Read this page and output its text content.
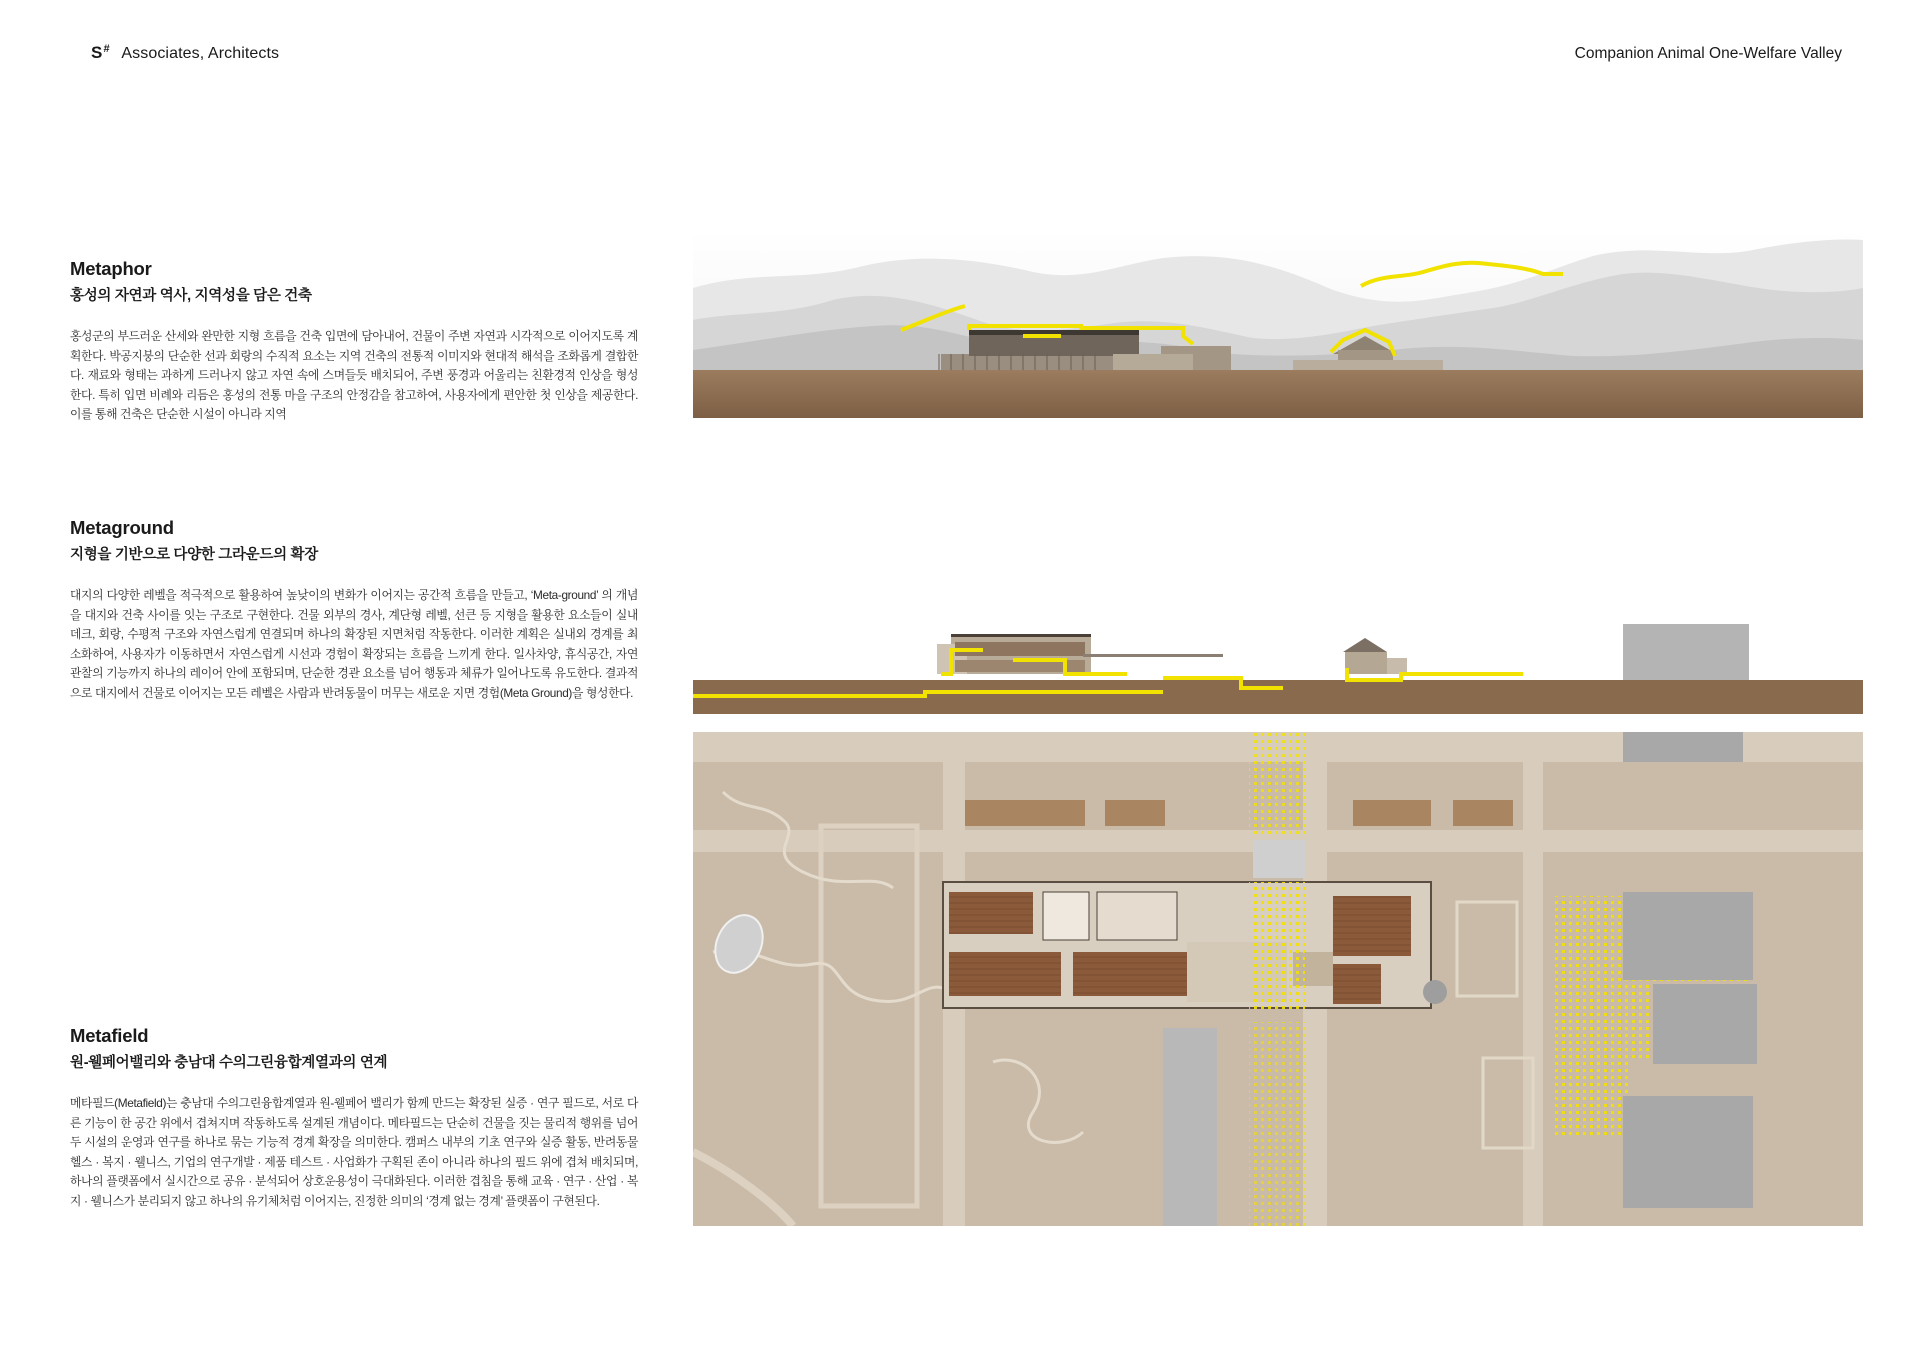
S# Associates, Architects	Companion Animal One-Welfare Valley
Metaphor
홍성의 자연과 역사, 지역성을 담은 건축

홍성군의 부드러운 산세와 완만한 지형 흐름을 건축 입면에 담아내어, 건물이 주변 자연과 시각적으로 이어지도록 계획한다. 박공지붕의 단순한 선과 회랑의 수직적 요소는 지역 건축의 전통적 이미지와 현대적 해석을 조화롭게 결합한다. 재료와 형태는 과하게 드러나지 않고 자연 속에 스며들듯 배치되어, 주변 풍경과 어울리는 친환경적 인상을 형성한다. 특히 입면 비례와 리듬은 홍성의 전통 마을 구조의 안정감을 참고하여, 사용자에게 편안한 첫 인상을 제공한다. 이를 통해 건축은 단순한 시설이 아니라 지역

Metaground
지형을 기반으로 다양한 그라운드의 확장

대지의 다양한 레벨을 적극적으로 활용하여 높낮이의 변화가 이어지는 공간적 흐름을 만들고, ‘Meta-ground’ 의 개념을 대지와 건축 사이를 잇는 구조로 구현한다. 건물 외부의 경사, 계단형 레벨, 선큰 등 지형을 활용한 요소들이 실내 데크, 회랑, 수평적 구조와 자연스럽게 연결되며 하나의 확장된 지면처럼 작동한다. 이러한 계획은 실내외 경계를 최소화하여, 사용자가 이동하면서 자연스럽게 시선과 경험이 확장되는 흐름을 느끼게 한다. 일사차양, 휴식공간, 자연 관찰의 기능까지 하나의 레이어 안에 포함되며, 단순한 경관 요소를 넘어 행동과 체류가 일어나도록 유도한다. 결과적으로 대지에서 건물로 이어지는 모든 레벨은 사람과 반려동물이 머무는 새로운 지면 경험(Meta Ground)을 형성한다.

Metafield
원-웰페어밸리와 충남대 수의그린융합계열과의 연계

메타필드(Metafield)는 충남대 수의그린융합계열과 원-웰페어 밸리가 함께 만드는 확장된 실증 · 연구 필드로, 서로 다른 기능이 한 공간 위에서 겹쳐지며 작동하도록 설계된 개념이다. 메타필드는 단순히 건물을 짓는 물리적 행위를 넘어 두 시설의 운영과 연구를 하나로 묶는 기능적 경계 확장을 의미한다. 캠퍼스 내부의 기초 연구와 실증 활동, 반려동물 헬스 · 복지 · 웰니스, 기업의 연구개발 · 제품 테스트 · 사업화가 구획된 존이 아니라 하나의 필드 위에 겹쳐 배치되며, 하나의 플랫폼에서 실시간으로 공유 · 분석되어 상호운용성이 극대화된다. 이러한 겹침을 통해 교육 · 연구 · 산업 · 복지 · 웰니스가 분리되지 않고 하나의 유기체처럼 이어지는, 진정한 의미의 ‘경계 없는 경계’ 플랫폼이 구현된다.
